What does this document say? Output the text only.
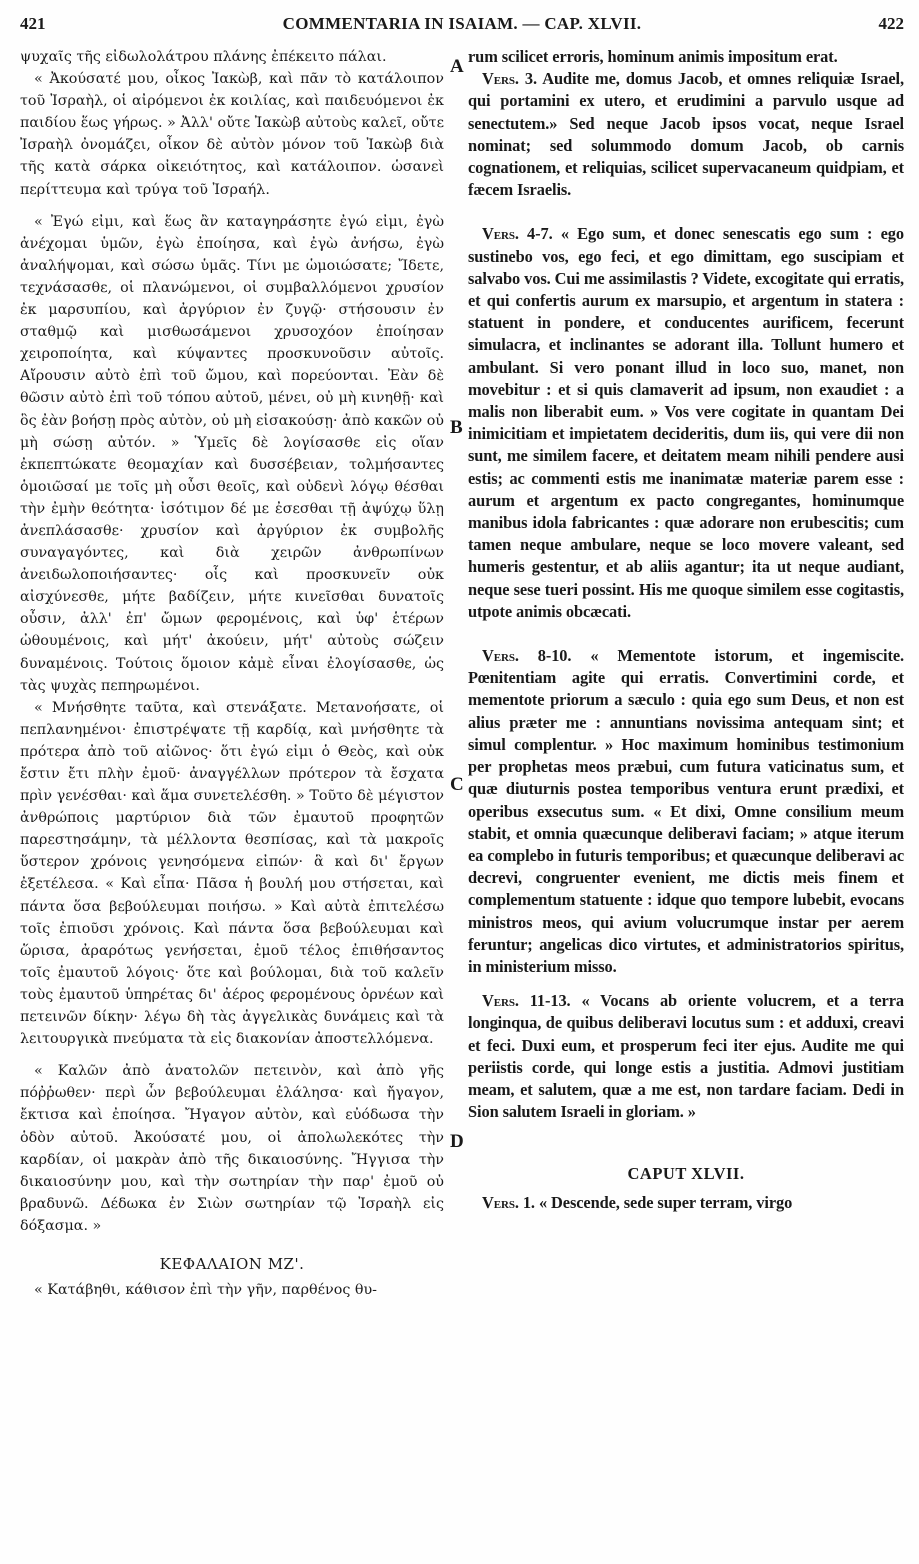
421	COMMENTARIA IN ISAIAM. — CAP. XLVII.	422
A
B
C
D

ψυχαῖς τῆς εἰδωλολάτρου πλάνης ἐπέκειτο πάλαι.

« Ἀκούσατέ μου, οἶκος Ἰακὼβ, καὶ πᾶν τὸ κατάλοιπον τοῦ Ἰσραὴλ, οἱ αἰρόμενοι ἐκ κοιλίας, καὶ παιδευόμενοι ἐκ παιδίου ἕως γήρως. » Ἀλλ' οὔτε Ἰακὼβ αὐτοὺς καλεῖ, οὔτε Ἰσραὴλ ὀνομάζει, οἶκον δὲ αὐτὸν μόνον τοῦ Ἰακὼβ διὰ τῆς κατὰ σάρκα οἰκειότητος, καὶ κατάλοιπον. ὡσανεὶ περίττευμα καὶ τρύγα τοῦ Ἰσραήλ.

« Ἐγώ εἰμι, καὶ ἕως ἂν καταγηράσητε ἐγώ εἰμι, ἐγὼ ἀνέχομαι ὑμῶν, ἐγὼ ἐποίησα, καὶ ἐγὼ ἀνήσω, ἐγὼ ἀναλήψομαι, καὶ σώσω ὑμᾶς. Τίνι με ὡμοιώσατε; Ἴδετε, τεχνάσασθε, οἱ πλανώμενοι, οἱ συμβαλλόμενοι χρυσίον ἐκ μαρσυπίου, καὶ ἀργύριον ἐν ζυγῷ· στήσουσιν ἐν σταθμῷ καὶ μισθωσάμενοι χρυσοχόον ἐποίησαν χειροποίητα, καὶ κύψαντες προσκυνοῦσιν αὐτοῖς. Αἴρουσιν αὐτὸ ἐπὶ τοῦ ὤμου, καὶ πορεύονται. Ἐὰν δὲ θῶσιν αὐτὸ ἐπὶ τοῦ τόπου αὐτοῦ, μένει, οὐ μὴ κινηθῇ· καὶ ὃς ἐὰν βοήσῃ πρὸς αὐτὸν, οὐ μὴ εἰσακούσῃ· ἀπὸ κακῶν οὐ μὴ σώσῃ αὐτόν. » Ὑμεῖς δὲ λογίσασθε εἰς οἵαν ἐκπεπτώκατε θεομαχίαν καὶ δυσσέβειαν, τολμήσαντες ὁμοιῶσαί με τοῖς μὴ οὖσι θεοῖς, καὶ οὐδενὶ λόγῳ θέσθαι τὴν ἐμὴν θεότητα· ἰσότιμον δέ με ἐσεσθαι τῇ ἀψύχῳ ὕλῃ ἀνεπλάσασθε· χρυσίον καὶ ἀργύριον ἐκ συμβολῆς συναγαγόντες, καὶ διὰ χειρῶν ἀνθρωπίνων ἀνειδωλοποιήσαντες· οἷς καὶ προσκυνεῖν οὐκ αἰσχύνεσθε, μήτε βαδίζειν, μήτε κινεῖσθαι δυνατοῖς οὖσιν, ἀλλ' ἐπ' ὤμων φερομένοις, καὶ ὑφ' ἑτέρων ὠθουμένοις, καὶ μήτ' ἀκούειν, μήτ' αὐτοὺς σώζειν δυναμένοις. Τούτοις ὅμοιον κἀμὲ εἶναι ἐλογίσασθε, ὡς τὰς ψυχὰς πεπηρωμένοι.

« Μνήσθητε ταῦτα, καὶ στενάξατε. Μετανοήσατε, οἱ πεπλανημένοι· ἐπιστρέψατε τῇ καρδίᾳ, καὶ μνήσθητε τὰ πρότερα ἀπὸ τοῦ αἰῶνος· ὅτι ἐγώ εἰμι ὁ Θεὸς, καὶ οὐκ ἔστιν ἔτι πλὴν ἐμοῦ· ἀναγγέλλων πρότερον τὰ ἔσχατα πρὶν γενέσθαι· καὶ ἅμα συνετελέσθη. » Τοῦτο δὲ μέγιστον ἀνθρώποις μαρτύριον διὰ τῶν ἐμαυτοῦ προφητῶν παρεστησάμην, τὰ μέλλοντα θεσπίσας, καὶ τὰ μακροῖς ὕστερον χρόνοις γενησόμενα εἰπών· ἃ καὶ δι' ἔργων ἐξετέλεσα. « Καὶ εἶπα· Πᾶσα ἡ βουλή μου στήσεται, καὶ πάντα ὅσα βεβούλευμαι ποιήσω. » Καὶ αὐτὰ ἐπιτελέσω τοῖς ἐπιοῦσι χρόνοις. Καὶ πάντα ὅσα βεβούλευμαι καὶ ὥρισα, ἀραρότως γενήσεται, ἐμοῦ τέλος ἐπιθήσαντος τοῖς ἐμαυτοῦ λόγοις· ὅτε καὶ βούλομαι, διὰ τοῦ καλεῖν τοὺς ἐμαυτοῦ ὑπηρέτας δι' ἀέρος φερομένους ὀρνέων καὶ πετεινῶν δίκην· λέγω δὴ τὰς ἀγγελικὰς δυνάμεις καὶ τὰ λειτουργικὰ πνεύματα τὰ εἰς διακονίαν ἀποστελλόμενα.

« Καλῶν ἀπὸ ἀνατολῶν πετεινὸν, καὶ ἀπὸ γῆς πόῤῥωθεν· περὶ ὧν βεβούλευμαι ἐλάλησα· καὶ ἤγαγον, ἔκτισα καὶ ἐποίησα. Ἤγαγον αὐτὸν, καὶ εὐόδωσα τὴν ὁδὸν αὐτοῦ. Ἀκούσατέ μου, οἱ ἀπολωλεκότες τὴν καρδίαν, οἱ μακρὰν ἀπὸ τῆς δικαιοσύνης. Ἤγγισα τὴν δικαιοσύνην μου, καὶ τὴν σωτηρίαν τὴν παρ' ἐμοῦ οὐ βραδυνῶ. Δέδωκα ἐν Σιὼν σωτηρίαν τῷ Ἰσραὴλ εἰς δόξασμα. »

ΚΕΦΑΛΑΙΟΝ ΜΖ'.

« Κατάβηθι, κάθισον ἐπὶ τὴν γῆν, παρθένος θυ-

rum scilicet erroris, hominum animis impositum erat.

Vers. 3. Audite me, domus Jacob, et omnes reliquiæ Israel, qui portamini ex utero, et erudimini a parvulo usque ad senectutem.» Sed neque Jacob ipsos vocat, neque Israel nominat; sed solummodo domum Jacob, ob carnis cognationem, et reliquias, scilicet supervacaneum quidpiam, et fæcem Israelis.

Vers. 4-7. « Ego sum, et donec senescatis ego sum : ego sustinebo vos, ego feci, et ego dimittam, ego suscipiam et salvabo vos. Cui me assimilastis ? Videte, excogitate qui erratis, et qui confertis aurum ex marsupio, et argentum in statera : statuent in pondere, et conducentes aurificem, fecerunt simulacra, et inclinantes se adorant illa. Tollunt humero et ambulant. Si vero ponant illud in loco suo, manet, non movebitur : et si quis clamaverit ad ipsum, non exaudiet : a malis non liberabit eum. » Vos vere cogitate in quantam Dei inimicitiam et impietatem decideritis, dum iis, qui vere dii non sunt, me similem facere, et deitatem meam nihili pendere ausi estis; ac commenti estis me inanimatæ materiæ parem esse : aurum et argentum ex pacto congregantes, hominumque manibus idola fabricantes : quæ adorare non erubescitis; cum tamen neque ambulare, neque se loco movere valeant, sed humeris gestentur, et ab aliis agantur; ita ut neque audiant, neque sese tueri possint. His me quoque similem esse cogitastis, utpote animis obcæcati.

Vers. 8-10. « Mementote istorum, et ingemiscite. Pœnitentiam agite qui erratis. Convertimini corde, et mementote priorum a sæculo : quia ego sum Deus, et non est alius præter me : annuntians novissima antequam sint; et simul complentur. » Hoc maximum hominibus testimonium per prophetas meos præbui, cum futura vaticinatus sum, et quæ diuturnis postea temporibus ventura erunt prædixi, et operibus exsecutus sum. « Et dixi, Omne consilium meum stabit, et omnia quæcunque deliberavi faciam; » atque iterum ea complebo in futuris temporibus; et quæcunque deliberavi ac decrevi, congruenter evenient, me dictis meis finem et complementum statuente : idque quo tempore lubebit, evocans ministros meos, qui avium volucrumque instar per aerem feruntur; angelicas dico virtutes, et administratorios spiritus, in ministerium misso.

Vers. 11-13. « Vocans ab oriente volucrem, et a terra longinqua, de quibus deliberavi locutus sum : et adduxi, creavi et feci. Duxi eum, et prosperum feci iter ejus. Audite me qui periistis corde, qui longe estis a justitia. Admovi justitiam meam, et salutem, quæ a me est, non tardare faciam. Dedi in Sion salutem Israeli in gloriam. »

CAPUT XLVII.

Vers. 1. « Descende, sede super terram, virgo
